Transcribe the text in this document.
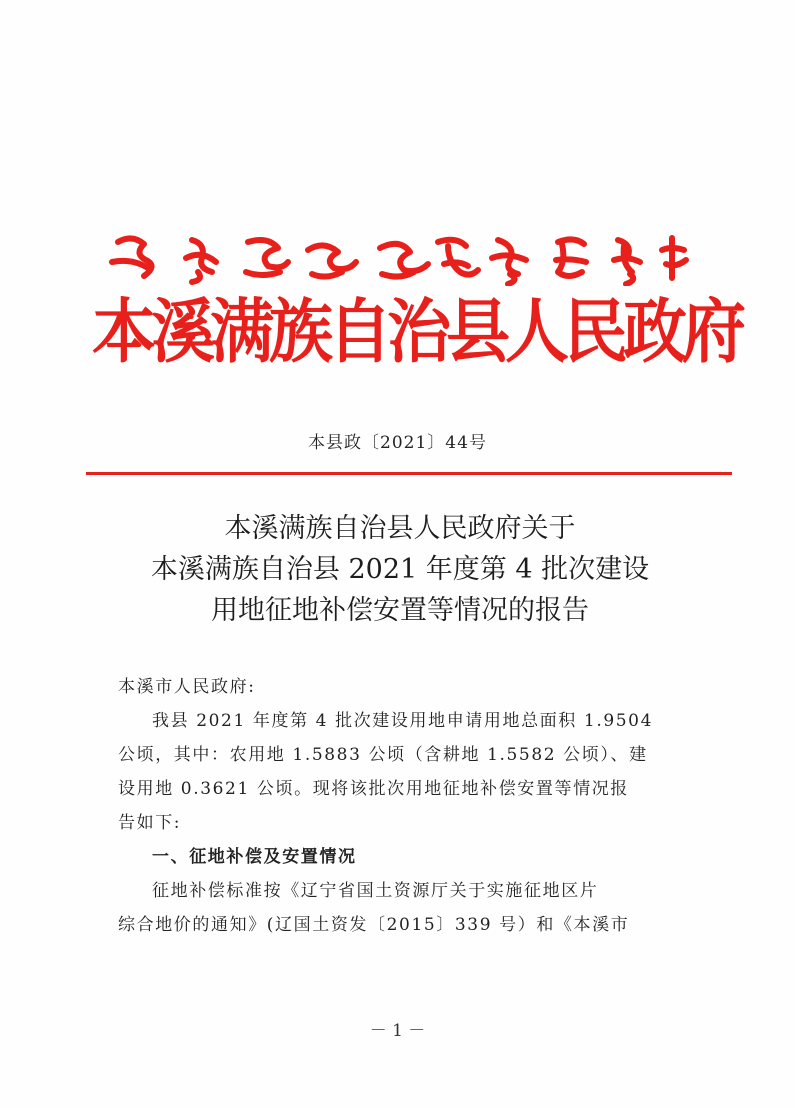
本溪满族自治县人民政府
本县政〔2021〕44号
本溪满族自治县人民政府关于
本溪满族自治县 2021 年度第 4 批次建设
用地征地补偿安置等情况的报告

本溪市人民政府:

我县 2021 年度第 4 批次建设用地申请用地总面积 1.9504
公顷，其中：农用地 1.5883 公顷（含耕地 1.5582 公顷）、建
设用地 0.3621 公顷。现将该批次用地征地补偿安置等情况报
告如下:

一、征地补偿及安置情况

征地补偿标准按《辽宁省国土资源厅关于实施征地区片
综合地价的通知》(辽国土资发〔2015〕339 号）和《本溪市

－ 1 －
